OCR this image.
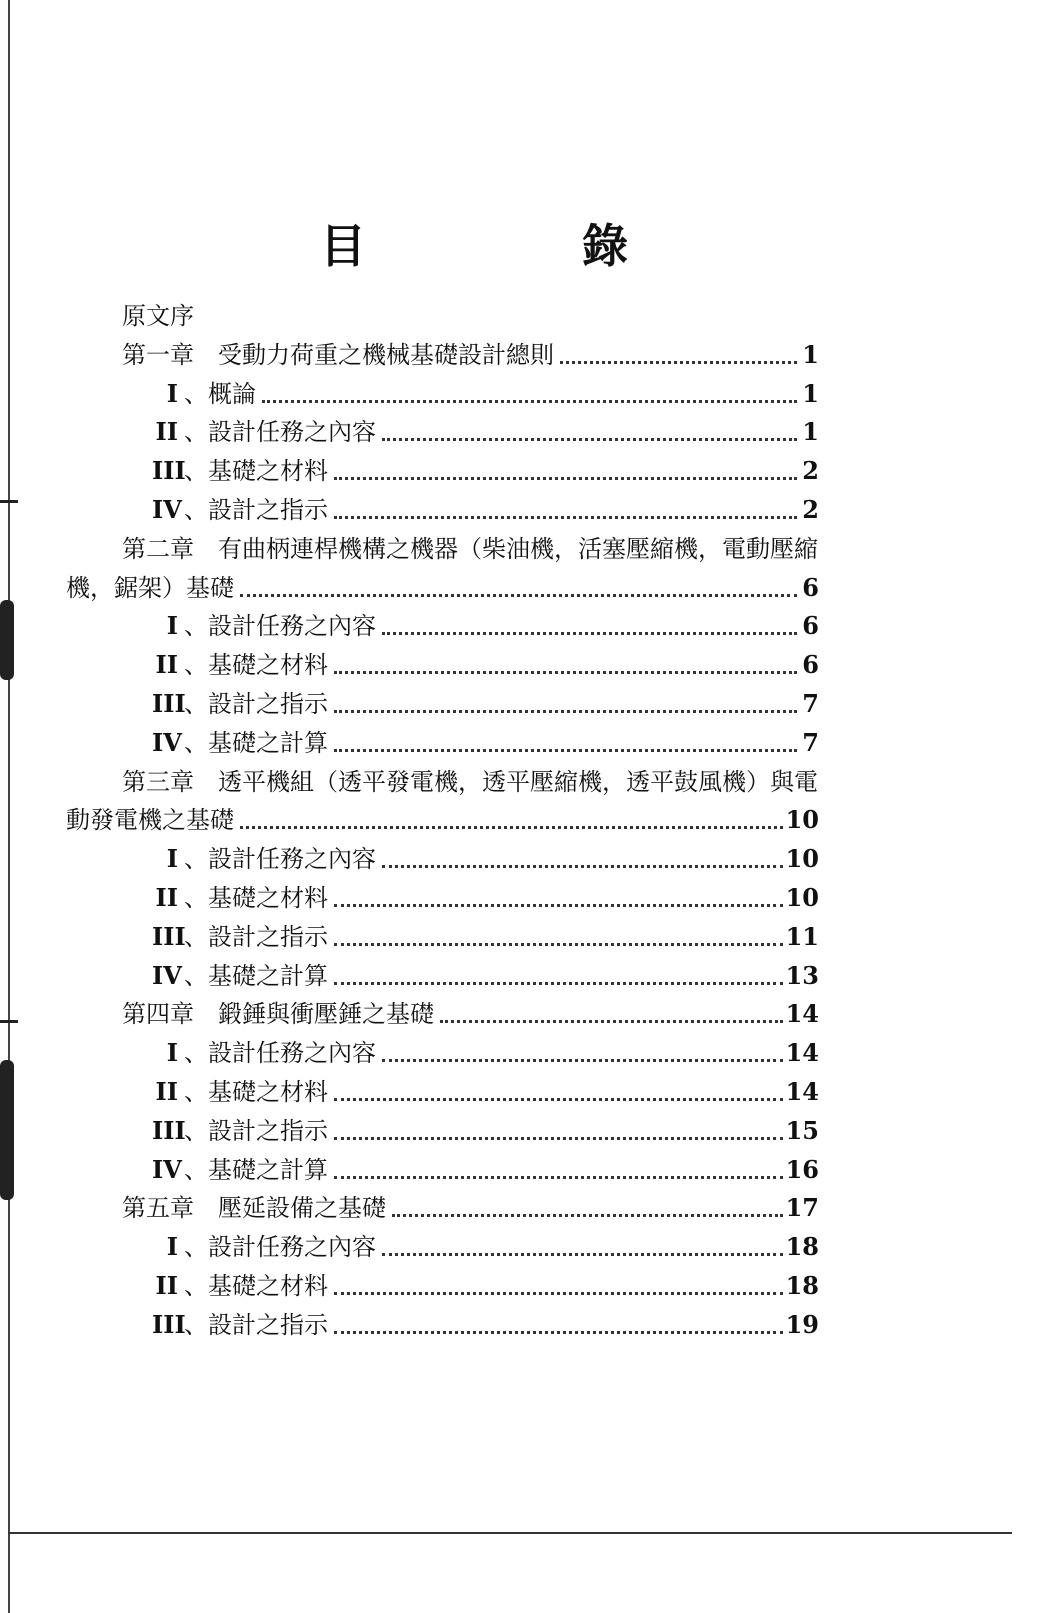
目	錄
原文序
第一章　受動力荷重之機械基礎設計總則	1
I 、概論	1
II 、設計任務之內容	1
III、基礎之材料	2
IV、設計之指示	2
第二章　有曲柄連桿機構之機器（柴油機，活塞壓縮機，電動壓縮
機，鋸架）基礎	6
I 、設計任務之內容	6
II 、基礎之材料	6
III、設計之指示	7
IV、基礎之計算	7
第三章　透平機組（透平發電機，透平壓縮機，透平鼓風機）與電
動發電機之基礎	10
I 、設計任務之內容	10
II 、基礎之材料	10
III、設計之指示	11
IV、基礎之計算	13
第四章　鍛錘與衝壓錘之基礎	14
I 、設計任務之內容	14
II 、基礎之材料	14
III、設計之指示	15
IV、基礎之計算	16
第五章　壓延設備之基礎	17
I 、設計任務之內容	18
II 、基礎之材料	18
III、設計之指示	19
